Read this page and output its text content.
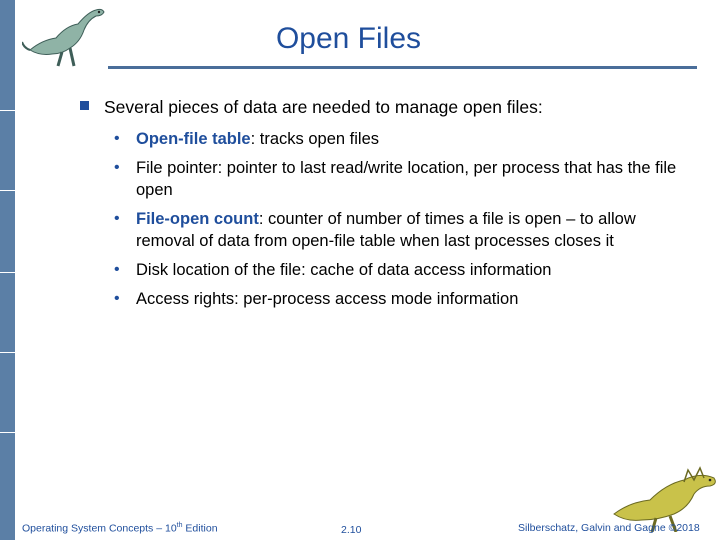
Open Files
Several pieces of data are needed to manage open files:
• Open-file table: tracks open files
• File pointer: pointer to last read/write location, per process that has the file open
• File-open count: counter of number of times a file is open – to allow removal of data from open-file table when last processes closes it
• Disk location of the file: cache of data access information
• Access rights: per-process access mode information
Operating System Concepts – 10th Edition	2.10	Silberschatz, Galvin and Gagne ©2018
